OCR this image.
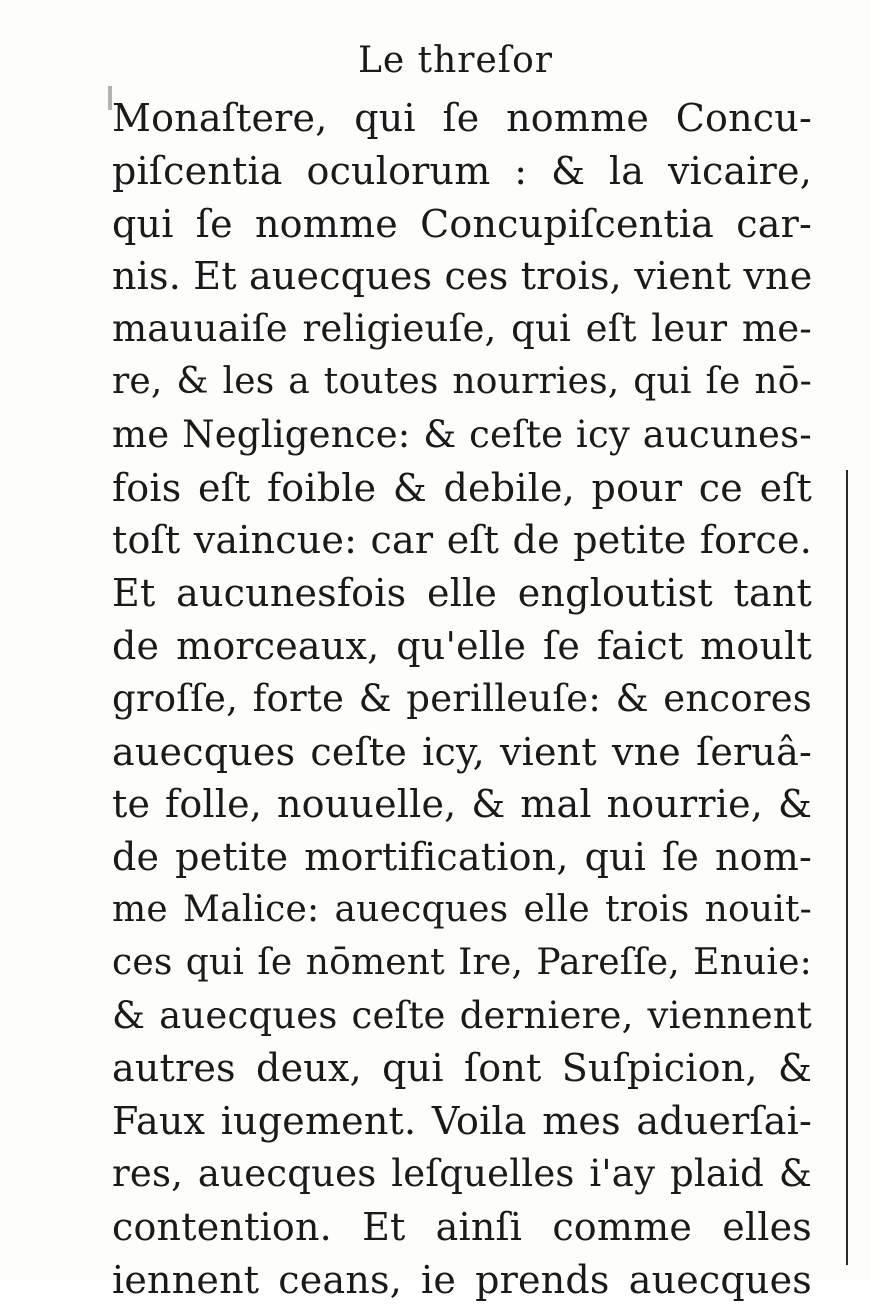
Le threſor
Monaſtere, qui ſe nomme Concu-
piſcentia oculorum : & la vicaire,
qui ſe nomme Concupiſcentia car-
nis. Et auecques ces trois, vient vne
mauuaiſe religieuſe, qui eſt leur me-
re, & les a toutes nourries, qui ſe nō-
me Negligence: & ceſte icy aucunes-
fois eſt foible & debile, pour ce eſt
toſt vaincue: car eſt de petite force.
Et aucunesfois elle engloutist tant
de morceaux, qu'elle ſe faict moult
groſſe, forte & perilleuſe: & encores
auecques ceſte icy, vient vne ſeruâ-
te folle, nouuelle, & mal nourrie, &
de petite mortification, qui ſe nom-
me Malice: auecques elle trois nouit-
ces qui ſe nōment Ire, Pareſſe, Enuie:
& auecques ceſte derniere, viennent
autres deux, qui ſont Suſpicion, &
Faux iugement. Voila mes aduerſai-
res, auecques leſquelles i'ay plaid &
contention. Et ainſi comme elles
iennent ceans, ie prends auecques
